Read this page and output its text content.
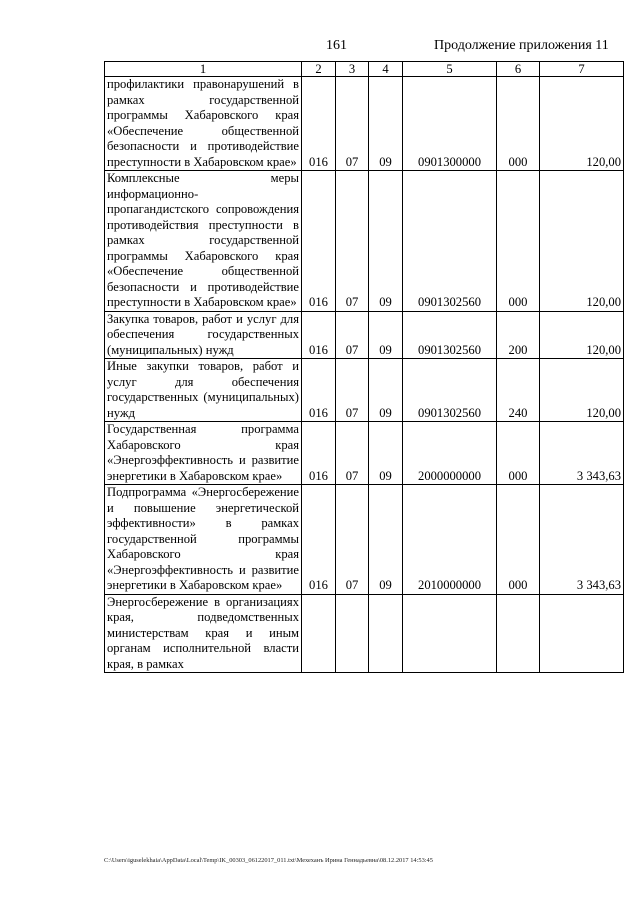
161	Продолжение приложения 11
1	2	3	4	5	6	7
профилактики правонарушений в рамках государственной программы Хабаровского края «Обеспечение общественной безопасности и противодействие преступности в Хабаровском крае»	016	07	09	0901300000	000	120,00
Комплексные меры информационно-пропагандистского сопровождения противодействия преступности в рамках государственной программы Хабаровского края «Обеспечение общественной безопасности и противодействие преступности в Хабаровском крае»	016	07	09	0901302560	000	120,00
Закупка товаров, работ и услуг для обеспечения государственных (муниципальных) нужд	016	07	09	0901302560	200	120,00
Иные закупки товаров, работ и услуг для обеспечения государственных (муниципальных) нужд	016	07	09	0901302560	240	120,00
Государственная программа Хабаровского края «Энергоэффективность и развитие энергетики в Хабаровском крае»	016	07	09	2000000000	000	3 343,63
Подпрограмма «Энергосбережение и повышение энергетической эффективности» в рамках государственной программы Хабаровского края «Энергоэффективность и развитие энергетики в Хабаровском крае»	016	07	09	2010000000	000	3 343,63
Энергосбережение в организациях края, подведомственных министерствам края и иным органам исполнительной власти края, в рамках						
C:\Users\iguselekhaia\AppData\Local\Temp\IK_00303_06122017_011.txt\Мехеханъ Ирина Геннадьевна\08.12.2017 14:53:45
